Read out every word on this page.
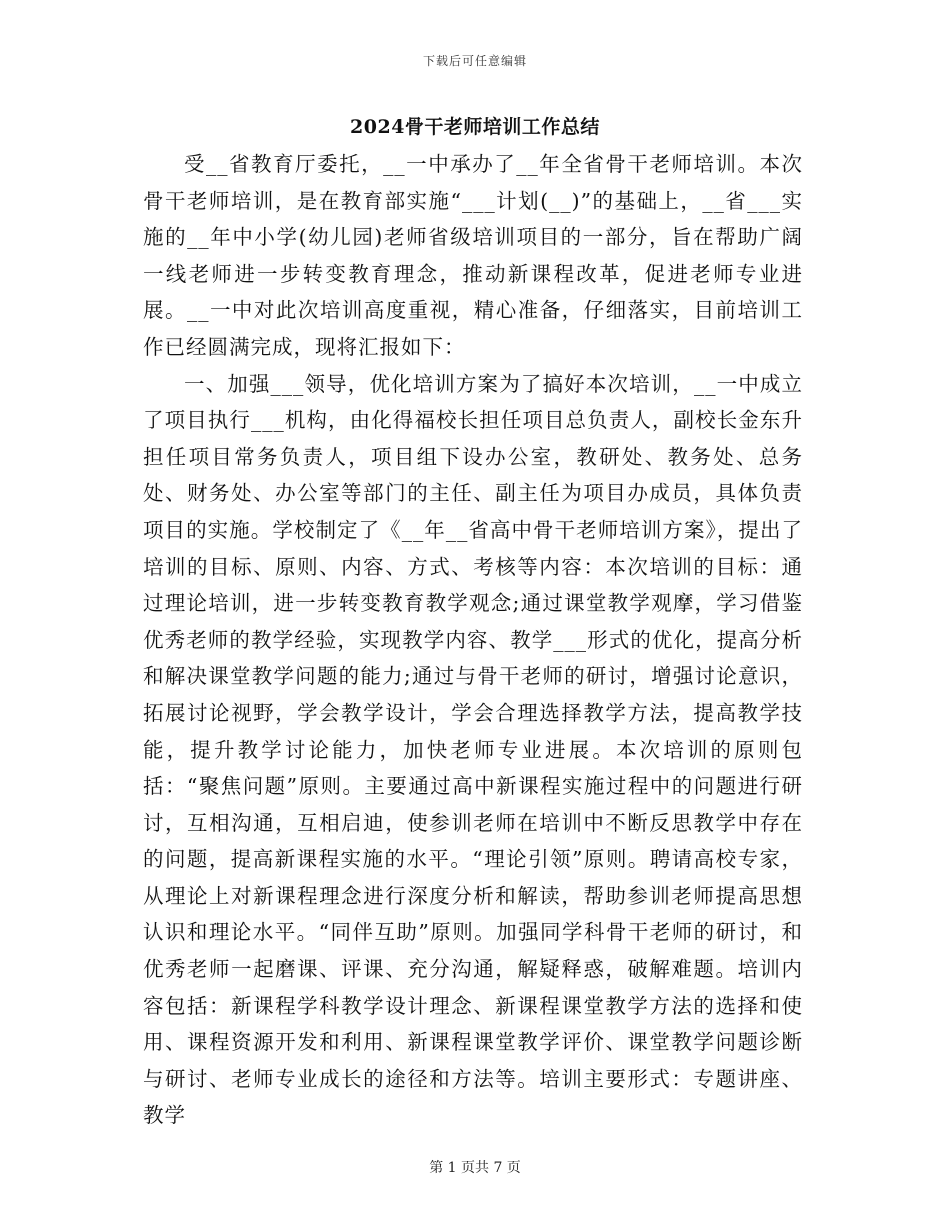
下载后可任意编辑
2024骨干老师培训工作总结

受__省教育厅委托，__一中承办了__年全省骨干老师培训。本次骨干老师培训，是在教育部实施“___计划(__)”的基础上，__省___实施的__年中小学(幼儿园)老师省级培训项目的一部分，旨在帮助广阔一线老师进一步转变教育理念，推动新课程改革，促进老师专业进展。__一中对此次培训高度重视，精心准备，仔细落实，目前培训工作已经圆满完成，现将汇报如下：

一、加强___领导，优化培训方案为了搞好本次培训，__一中成立了项目执行___机构，由化得福校长担任项目总负责人，副校长金东升担任项目常务负责人，项目组下设办公室，教研处、教务处、总务处、财务处、办公室等部门的主任、副主任为项目办成员，具体负责项目的实施。学校制定了《__年__省高中骨干老师培训方案》，提出了培训的目标、原则、内容、方式、考核等内容：本次培训的目标：通过理论培训，进一步转变教育教学观念;通过课堂教学观摩，学习借鉴优秀老师的教学经验，实现教学内容、教学___形式的优化，提高分析和解决课堂教学问题的能力;通过与骨干老师的研讨，增强讨论意识，拓展讨论视野，学会教学设计，学会合理选择教学方法，提高教学技能，提升教学讨论能力，加快老师专业进展。本次培训的原则包括：“聚焦问题”原则。主要通过高中新课程实施过程中的问题进行研讨，互相沟通，互相启迪，使参训老师在培训中不断反思教学中存在的问题，提高新课程实施的水平。“理论引领”原则。聘请高校专家，从理论上对新课程理念进行深度分析和解读，帮助参训老师提高思想认识和理论水平。“同伴互助”原则。加强同学科骨干老师的研讨，和优秀老师一起磨课、评课、充分沟通，解疑释惑，破解难题。培训内容包括：新课程学科教学设计理念、新课程课堂教学方法的选择和使用、课程资源开发和利用、新课程课堂教学评价、课堂教学问题诊断与研讨、老师专业成长的途径和方法等。培训主要形式：专题讲座、教学

第 1 页共 7 页
